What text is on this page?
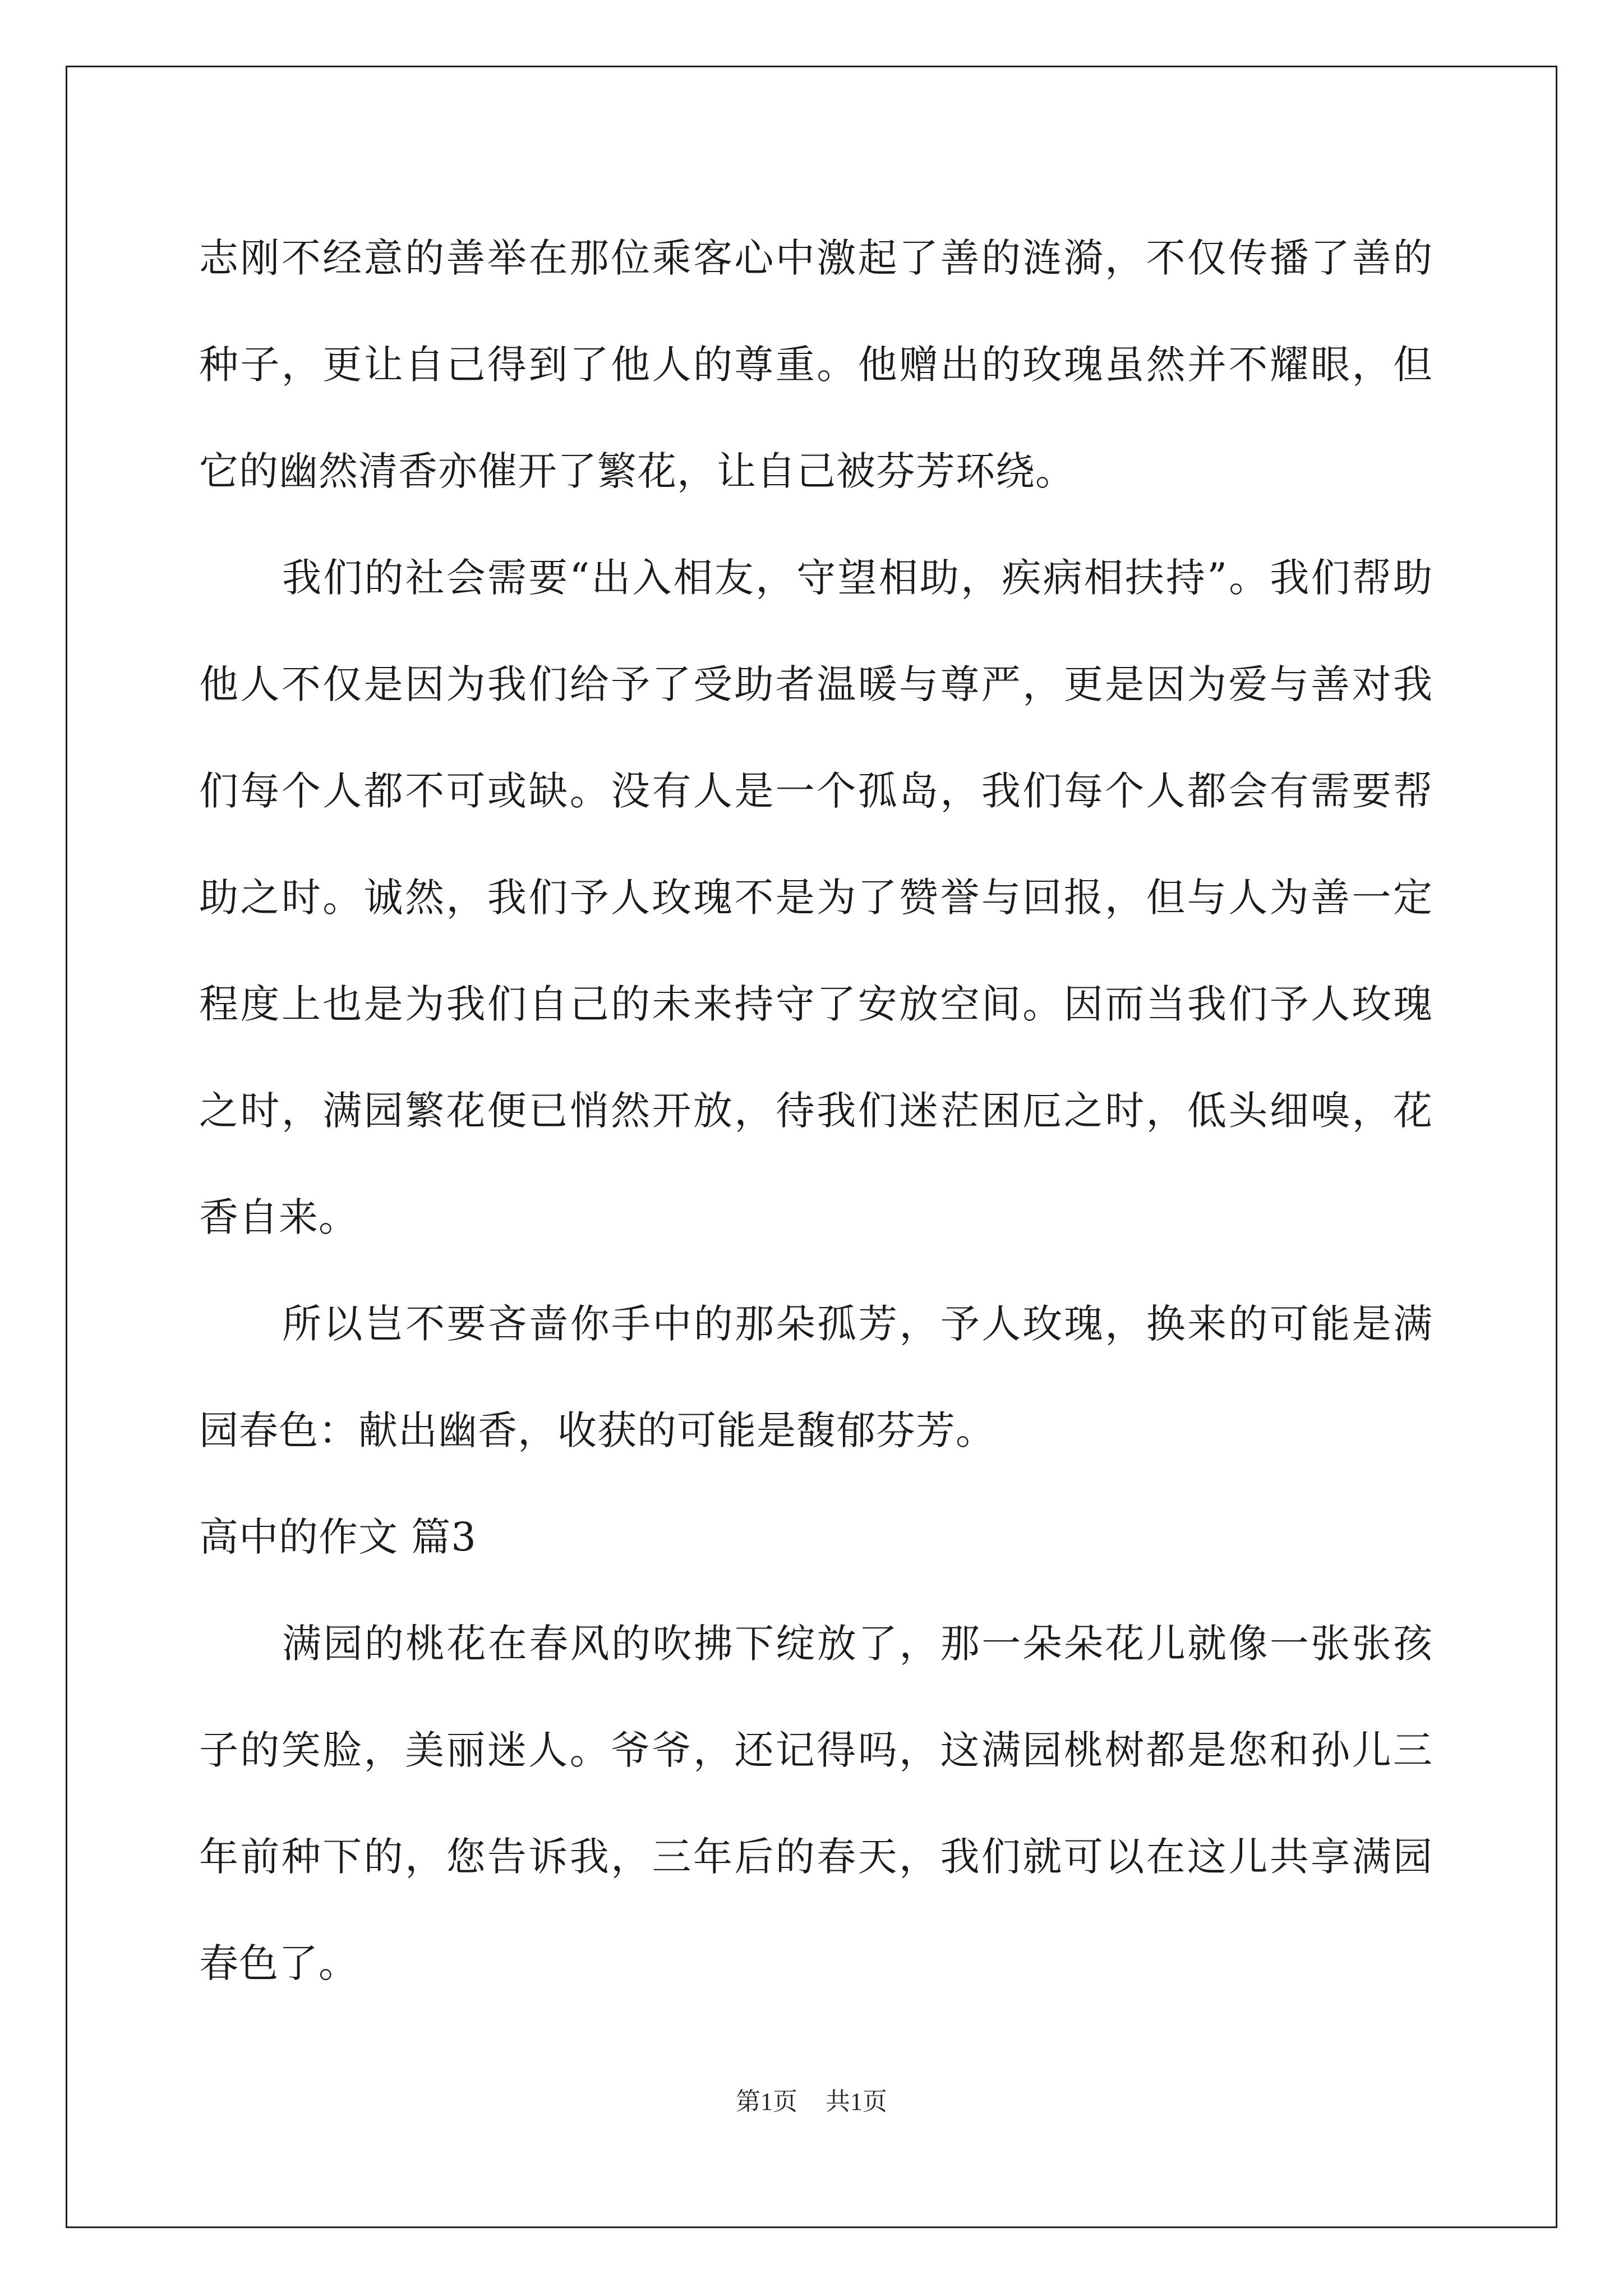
志刚不经意的善举在那位乘客心中激起了善的涟漪，不仅传播了善的种子，更让自己得到了他人的尊重。他赠出的玫瑰虽然并不耀眼，但它的幽然清香亦催开了繁花，让自己被芬芳环绕。

我们的社会需要“出入相友，守望相助，疾病相扶持”。我们帮助他人不仅是因为我们给予了受助者温暖与尊严，更是因为爱与善对我们每个人都不可或缺。没有人是一个孤岛，我们每个人都会有需要帮助之时。诚然，我们予人玫瑰不是为了赞誉与回报，但与人为善一定程度上也是为我们自己的未来持守了安放空间。因而当我们予人玫瑰之时，满园繁花便已悄然开放，待我们迷茫困厄之时，低头细嗅，花香自来。

所以岂不要吝啬你手中的那朵孤芳，予人玫瑰，换来的可能是满园春色：献出幽香，收获的可能是馥郁芬芳。

高中的作文 篇3

满园的桃花在春风的吹拂下绽放了，那一朵朵花儿就像一张张孩子的笑脸，美丽迷人。爷爷，还记得吗，这满园桃树都是您和孙儿三年前种下的，您告诉我，三年后的春天，我们就可以在这儿共享满园春色了。

第1页 共1页
